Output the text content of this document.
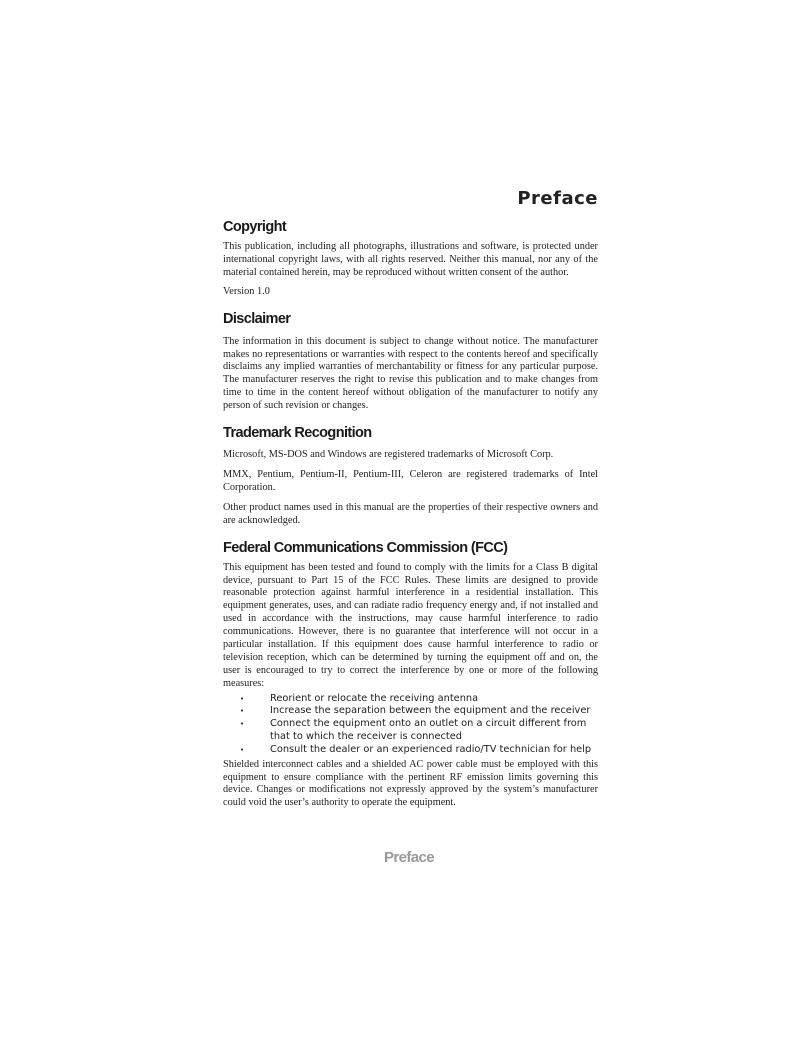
Preface
Copyright

This publication, including all photographs, illustrations and software, is protected under international copyright laws, with all rights reserved. Neither this manual, nor any of the material contained herein, may be reproduced without written consent of the author.

Version 1.0

Disclaimer

The information in this document is subject to change without notice. The manufacturer makes no representations or warranties with respect to the contents hereof and specifically disclaims any implied warranties of merchantability or fitness for any particular purpose. The manufacturer reserves the right to revise this publication and to make changes from time to time in the content hereof without obligation of the manufacturer to notify any person of such revision or changes.

Trademark Recognition

Microsoft, MS-DOS and Windows are registered trademarks of Microsoft Corp.

MMX, Pentium, Pentium-II, Pentium-III, Celeron are registered trademarks of Intel Corporation.

Other product names used in this manual are the properties of their respective owners and are acknowledged.

Federal Communications Commission (FCC)

This equipment has been tested and found to comply with the limits for a Class B digital device, pursuant to Part 15 of the FCC Rules. These limits are designed to provide reasonable protection against harmful interference in a residential installation. This equipment generates, uses, and can radiate radio frequency energy and, if not installed and used in accordance with the instructions, may cause harmful interference to radio communications. However, there is no guarantee that interference will not occur in a particular installation. If this equipment does cause harmful interference to radio or television reception, which can be determined by turning the equipment off and on, the user is encouraged to try to correct the interference by one or more of the following measures:

•	Reorient or relocate the receiving antenna
•	Increase the separation between the equipment and the receiver
•	Connect the equipment onto an outlet on a circuit different from that to which the receiver is connected
•	Consult the dealer or an experienced radio/TV technician for help

Shielded interconnect cables and a shielded AC power cable must be employed with this equipment to ensure compliance with the pertinent RF emission limits governing this device. Changes or modifications not expressly approved by the system’s manufacturer could void the user’s authority to operate the equipment.

Preface
